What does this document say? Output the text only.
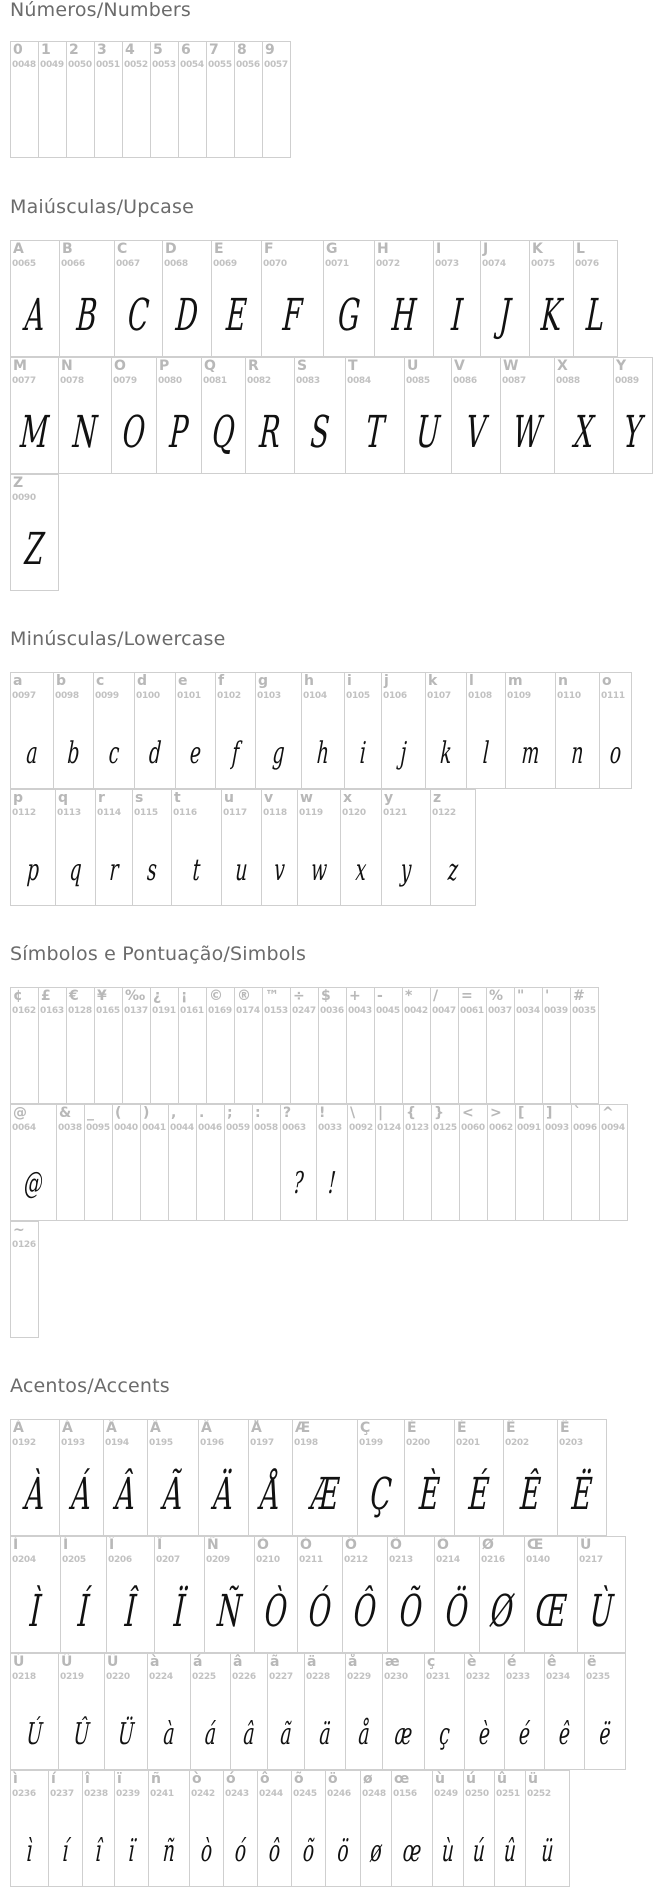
Números/Numbers
Maiúsculas/Upcase
Minúsculas/Lowercase
Símbolos e Pontuação/Simbols
Acentos/Accents
0
0048
1
0049
2
0050
3
0051
4
0052
5
0053
6
0054
7
0055
8
0056
9
0057
A
0065
A
B
0066
B
C
0067
C
D
0068
D
E
0069
E
F
0070
F
G
0071
G
H
0072
H
I
0073
I
J
0074
J
K
0075
K
L
0076
L
M
0077
M
N
0078
N
O
0079
O
P
0080
P
Q
0081
Q
R
0082
R
S
0083
S
T
0084
T
U
0085
U
V
0086
V
W
0087
W
X
0088
X
Y
0089
Y
Z
0090
Z
a
0097
a
b
0098
b
c
0099
c
d
0100
d
e
0101
e
f
0102
f
g
0103
g
h
0104
h
i
0105
i
j
0106
j
k
0107
k
l
0108
l
m
0109
m
n
0110
n
o
0111
o
p
0112
p
q
0113
q
r
0114
r
s
0115
s
t
0116
t
u
0117
u
v
0118
v
w
0119
w
x
0120
x
y
0121
y
z
0122
z
¢
0162
£
0163
€
0128
¥
0165
‰
0137
¿
0191
¡
0161
©
0169
®
0174
™
0153
÷
0247
$
0036
+
0043
-
0045
*
0042
/
0047
=
0061
%
0037
"
0034
'
0039
#
0035
@
0064
@
&
0038
_
0095
(
0040
)
0041
,
0044
.
0046
;
0059
:
0058
?
0063
?
!
0033
!
\
0092
|
0124
{
0123
}
0125
<
0060
>
0062
[
0091
]
0093
`
0096
^
0094
~
0126
À
0192
À
Á
0193
Á
Â
0194
Â
Ã
0195
Ã
Ä
0196
Ä
Å
0197
Å
Æ
0198
Æ
Ç
0199
Ç
È
0200
È
É
0201
É
Ê
0202
Ê
Ë
0203
Ë
Ì
0204
Ì
Í
0205
Í
Î
0206
Î
Ï
0207
Ï
Ñ
0209
Ñ
Ò
0210
Ò
Ó
0211
Ó
Ô
0212
Ô
Õ
0213
Õ
Ö
0214
Ö
Ø
0216
Ø
Œ
0140
Œ
Ù
0217
Ù
Ú
0218
Ú
Û
0219
Û
Ü
0220
Ü
à
0224
à
á
0225
á
â
0226
â
ã
0227
ã
ä
0228
ä
å
0229
å
æ
0230
æ
ç
0231
ç
è
0232
è
é
0233
é
ê
0234
ê
ë
0235
ë
ì
0236
ì
í
0237
í
î
0238
î
ï
0239
ï
ñ
0241
ñ
ò
0242
ò
ó
0243
ó
ô
0244
ô
õ
0245
õ
ö
0246
ö
ø
0248
ø
œ
0156
œ
ù
0249
ù
ú
0250
ú
û
0251
û
ü
0252
ü
